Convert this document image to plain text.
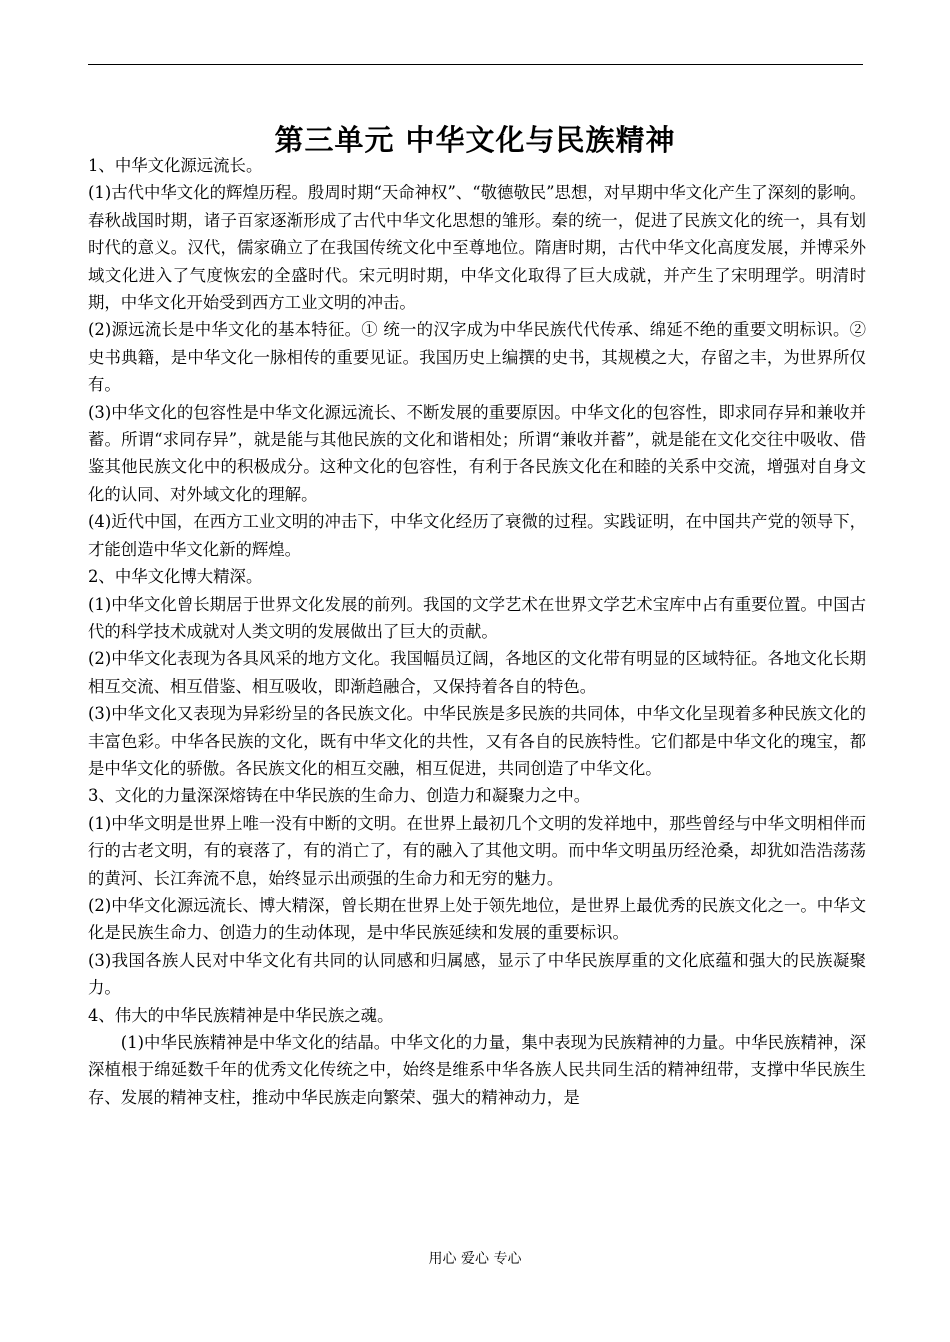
第三单元 中华文化与民族精神

1、中华文化源远流长。

(1)古代中华文化的辉煌历程。殷周时期“天命神权”、“敬德敬民”思想，对早期中华文化产生了深刻的影响。春秋战国时期，诸子百家逐渐形成了古代中华文化思想的雏形。秦的统一，促进了民族文化的统一，具有划时代的意义。汉代，儒家确立了在我国传统文化中至尊地位。隋唐时期，古代中华文化高度发展，并博采外域文化进入了气度恢宏的全盛时代。宋元明时期，中华文化取得了巨大成就，并产生了宋明理学。明清时期，中华文化开始受到西方工业文明的冲击。

(2)源远流长是中华文化的基本特征。① 统一的汉字成为中华民族代代传承、绵延不绝的重要文明标识。② 史书典籍，是中华文化一脉相传的重要见证。我国历史上编撰的史书，其规模之大，存留之丰，为世界所仅有。

(3)中华文化的包容性是中华文化源远流长、不断发展的重要原因。中华文化的包容性，即求同存异和兼收并蓄。所谓“求同存异”，就是能与其他民族的文化和谐相处；所谓“兼收并蓄”，就是能在文化交往中吸收、借鉴其他民族文化中的积极成分。这种文化的包容性，有利于各民族文化在和睦的关系中交流，增强对自身文化的认同、对外域文化的理解。

(4)近代中国，在西方工业文明的冲击下，中华文化经历了衰微的过程。实践证明，在中国共产党的领导下，才能创造中华文化新的辉煌。

2、中华文化博大精深。

(1)中华文化曾长期居于世界文化发展的前列。我国的文学艺术在世界文学艺术宝库中占有重要位置。中国古代的科学技术成就对人类文明的发展做出了巨大的贡献。

(2)中华文化表现为各具风采的地方文化。我国幅员辽阔，各地区的文化带有明显的区域特征。各地文化长期相互交流、相互借鉴、相互吸收，即渐趋融合，又保持着各自的特色。

(3)中华文化又表现为异彩纷呈的各民族文化。中华民族是多民族的共同体，中华文化呈现着多种民族文化的丰富色彩。中华各民族的文化，既有中华文化的共性，又有各自的民族特性。它们都是中华文化的瑰宝，都是中华文化的骄傲。各民族文化的相互交融，相互促进，共同创造了中华文化。

3、文化的力量深深熔铸在中华民族的生命力、创造力和凝聚力之中。

(1)中华文明是世界上唯一没有中断的文明。在世界上最初几个文明的发祥地中，那些曾经与中华文明相伴而行的古老文明，有的衰落了，有的消亡了，有的融入了其他文明。而中华文明虽历经沧桑，却犹如浩浩荡荡的黄河、长江奔流不息，始终显示出顽强的生命力和无穷的魅力。

(2)中华文化源远流长、博大精深，曾长期在世界上处于领先地位，是世界上最优秀的民族文化之一。中华文化是民族生命力、创造力的生动体现，是中华民族延续和发展的重要标识。

(3)我国各族人民对中华文化有共同的认同感和归属感，显示了中华民族厚重的文化底蕴和强大的民族凝聚力。

4、伟大的中华民族精神是中华民族之魂。

(1)中华民族精神是中华文化的结晶。中华文化的力量，集中表现为民族精神的力量。中华民族精神，深深植根于绵延数千年的优秀文化传统之中，始终是维系中华各族人民共同生活的精神纽带，支撑中华民族生存、发展的精神支柱，推动中华民族走向繁荣、强大的精神动力，是

用心 爱心 专心
